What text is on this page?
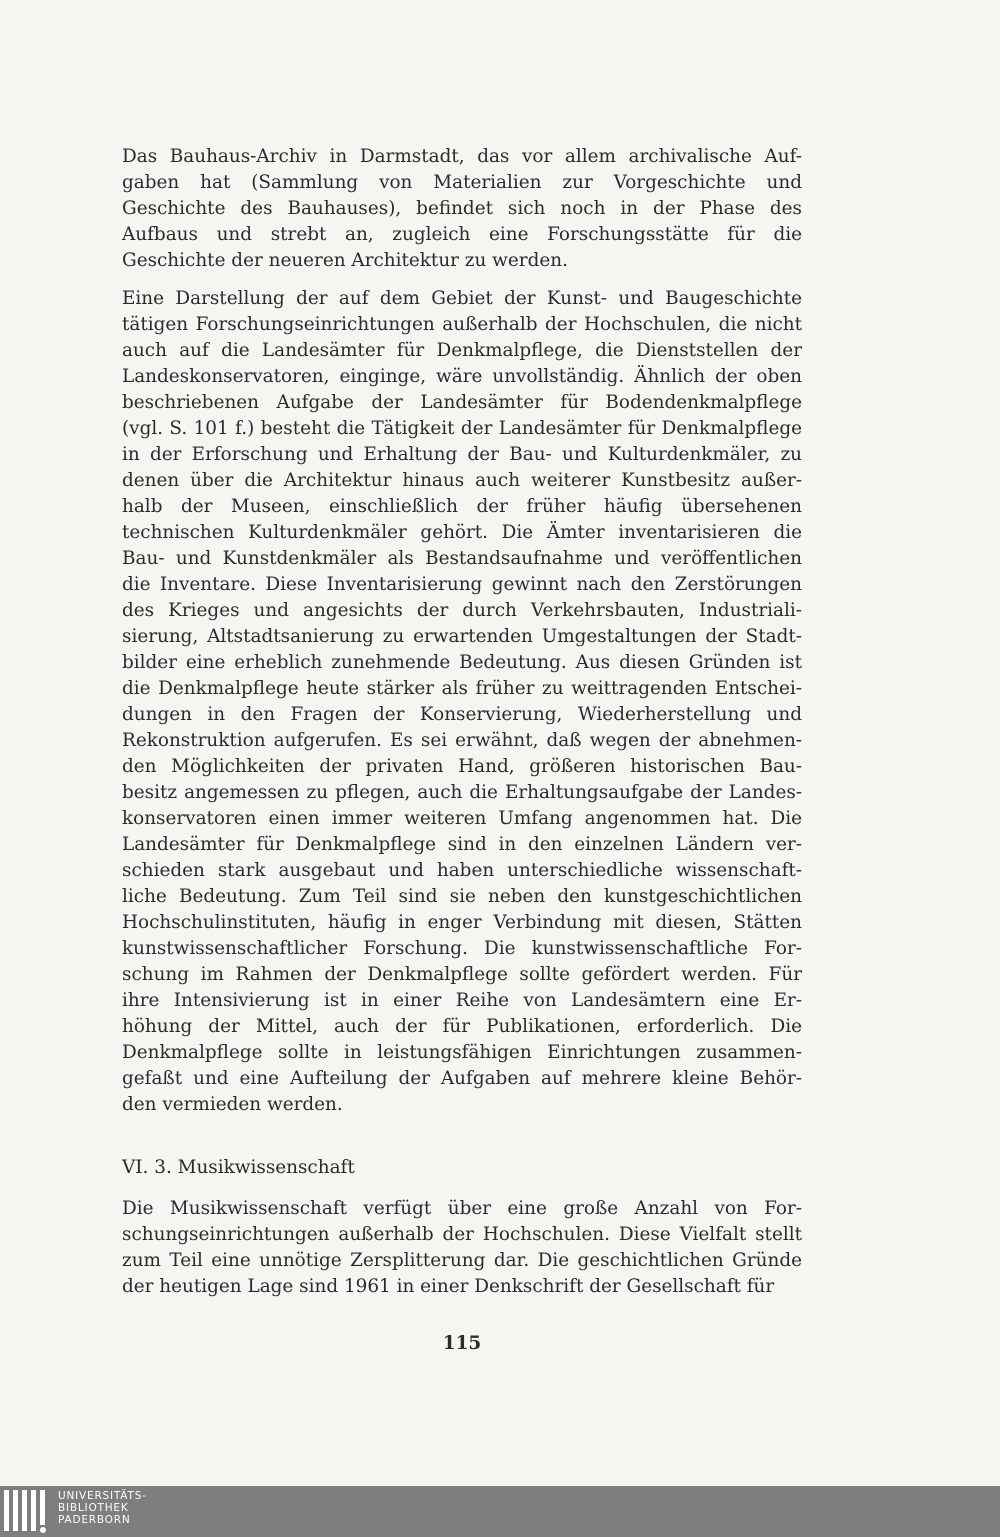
Das Bauhaus-Archiv in Darmstadt, das vor allem archivalische Auf-
gaben hat (Sammlung von Materialien zur Vorgeschichte und
Geschichte des Bauhauses), befindet sich noch in der Phase des
Aufbaus und strebt an, zugleich eine Forschungsstätte für die
Geschichte der neueren Architektur zu werden.
Eine Darstellung der auf dem Gebiet der Kunst- und Baugeschichte
tätigen Forschungseinrichtungen außerhalb der Hochschulen, die nicht
auch auf die Landesämter für Denkmalpflege, die Dienststellen der
Landeskonservatoren, einginge, wäre unvollständig. Ähnlich der oben
beschriebenen Aufgabe der Landesämter für Bodendenkmalpflege
(vgl. S. 101 f.) besteht die Tätigkeit der Landesämter für Denkmalpflege
in der Erforschung und Erhaltung der Bau- und Kulturdenkmäler, zu
denen über die Architektur hinaus auch weiterer Kunstbesitz außer-
halb der Museen, einschließlich der früher häufig übersehenen
technischen Kulturdenkmäler gehört. Die Ämter inventarisieren die
Bau- und Kunstdenkmäler als Bestandsaufnahme und veröffentlichen
die Inventare. Diese Inventarisierung gewinnt nach den Zerstörungen
des Krieges und angesichts der durch Verkehrsbauten, Industriali-
sierung, Altstadtsanierung zu erwartenden Umgestaltungen der Stadt-
bilder eine erheblich zunehmende Bedeutung. Aus diesen Gründen ist
die Denkmalpflege heute stärker als früher zu weittragenden Entschei-
dungen in den Fragen der Konservierung, Wiederherstellung und
Rekonstruktion aufgerufen. Es sei erwähnt, daß wegen der abnehmen-
den Möglichkeiten der privaten Hand, größeren historischen Bau-
besitz angemessen zu pflegen, auch die Erhaltungsaufgabe der Landes-
konservatoren einen immer weiteren Umfang angenommen hat. Die
Landesämter für Denkmalpflege sind in den einzelnen Ländern ver-
schieden stark ausgebaut und haben unterschiedliche wissenschaft-
liche Bedeutung. Zum Teil sind sie neben den kunstgeschichtlichen
Hochschulinstituten, häufig in enger Verbindung mit diesen, Stätten
kunstwissenschaftlicher Forschung. Die kunstwissenschaftliche For-
schung im Rahmen der Denkmalpflege sollte gefördert werden. Für
ihre Intensivierung ist in einer Reihe von Landesämtern eine Er-
höhung der Mittel, auch der für Publikationen, erforderlich. Die
Denkmalpflege sollte in leistungsfähigen Einrichtungen zusammen-
gefaßt und eine Aufteilung der Aufgaben auf mehrere kleine Behör-
den vermieden werden.
VI. 3. Musikwissenschaft
Die Musikwissenschaft verfügt über eine große Anzahl von For-
schungseinrichtungen außerhalb der Hochschulen. Diese Vielfalt stellt
zum Teil eine unnötige Zersplitterung dar. Die geschichtlichen Gründe
der heutigen Lage sind 1961 in einer Denkschrift der Gesellschaft für
115
UNIVERSITÄTS-
BIBLIOTHEK
PADERBORN
